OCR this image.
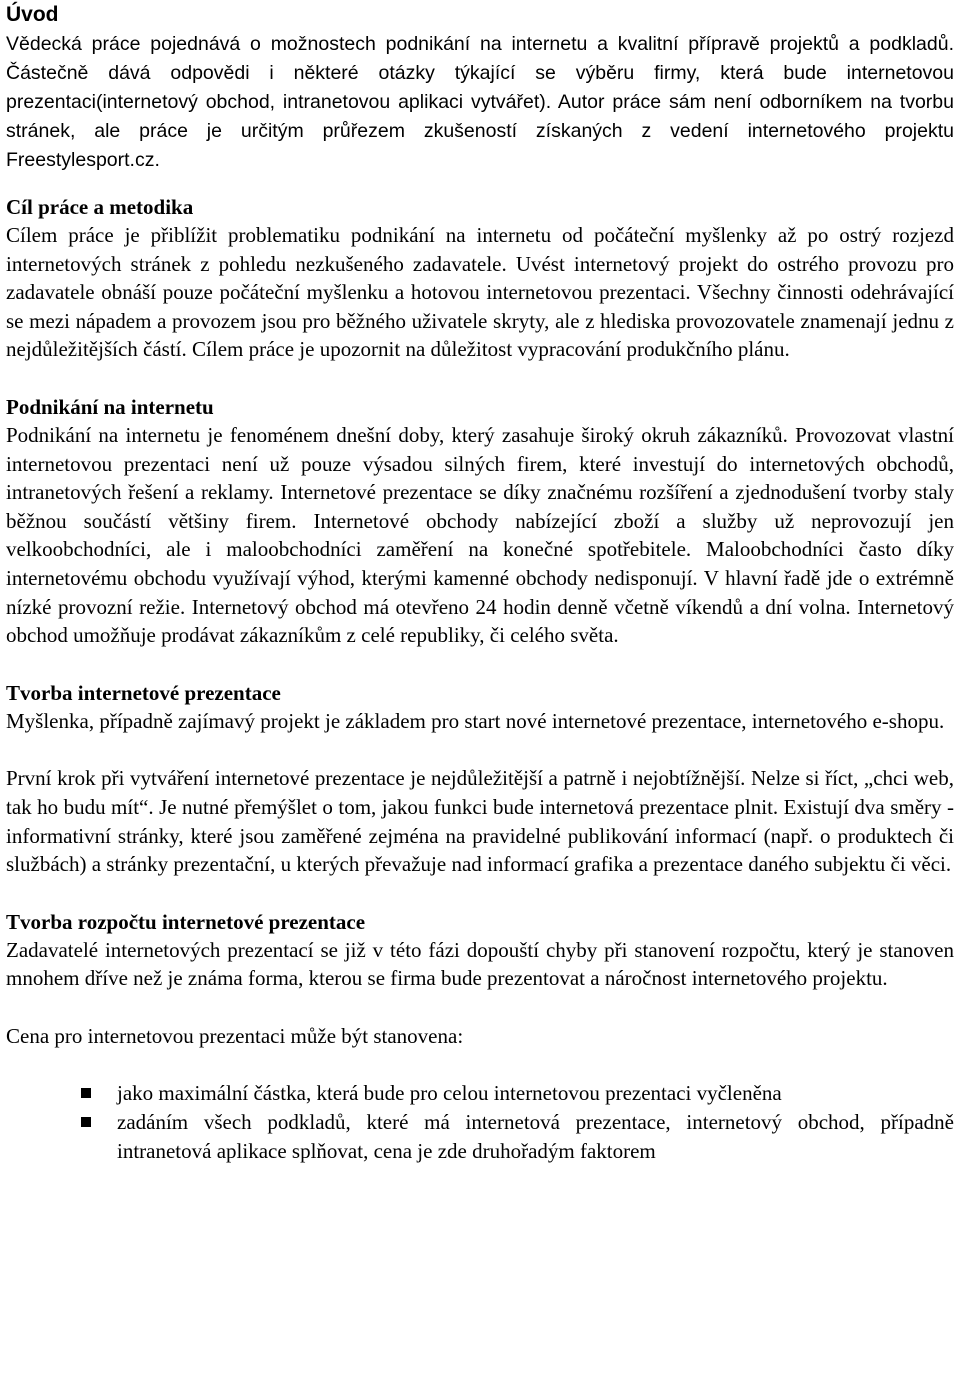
Úvod

Vědecká práce pojednává o možnostech podnikání na internetu a kvalitní přípravě projektů a podkladů. Částečně dává odpovědi i některé otázky týkající se výběru firmy, která bude internetovou prezentaci(internetový obchod, intranetovou aplikaci vytvářet). Autor práce sám není odborníkem na tvorbu stránek, ale práce je určitým průřezem zkušeností získaných z vedení internetového projektu Freestylesport.cz.

Cíl práce a metodika

Cílem práce je přiblížit problematiku podnikání na internetu od počáteční myšlenky až po ostrý rozjezd internetových stránek z pohledu nezkušeného zadavatele. Uvést internetový projekt do ostrého provozu pro zadavatele obnáší pouze počáteční myšlenku a hotovou internetovou prezentaci. Všechny činnosti odehrávající se mezi nápadem a provozem jsou pro běžného uživatele skryty, ale z hlediska provozovatele znamenají jednu z nejdůležitějších částí. Cílem práce je upozornit na důležitost vypracování produkčního plánu.

Podnikání na internetu

Podnikání na internetu je fenoménem dnešní doby, který zasahuje široký okruh zákazníků. Provozovat vlastní internetovou prezentaci není už pouze výsadou silných firem, které investují do internetových obchodů, intranetových řešení a reklamy. Internetové prezentace se díky značnému rozšíření a zjednodušení tvorby staly běžnou součástí většiny firem. Internetové obchody nabízející zboží a služby už neprovozují jen velkoobchodníci, ale i maloobchodníci zaměření na konečné spotřebitele. Maloobchodníci často díky internetovému obchodu využívají výhod, kterými kamenné obchody nedisponují. V hlavní řadě jde o extrémně nízké provozní režie. Internetový obchod má otevřeno 24 hodin denně včetně víkendů a dní volna. Internetový obchod umožňuje prodávat zákazníkům z celé republiky, či celého světa.

Tvorba internetové prezentace

Myšlenka, případně zajímavý projekt je základem pro start nové internetové prezentace, internetového e-shopu.

První krok při vytváření internetové prezentace je nejdůležitější a patrně i nejobtížnější. Nelze si říct, „chci web, tak ho budu mít“. Je nutné přemýšlet o tom, jakou funkci bude internetová prezentace plnit. Existují dva směry - informativní stránky, které jsou zaměřené zejména na pravidelné publikování informací (např. o produktech či službách) a stránky prezentační, u kterých převažuje nad informací grafika a prezentace daného subjektu či věci.

Tvorba rozpočtu internetové prezentace

Zadavatelé internetových prezentací se již v této fázi dopouští chyby při stanovení rozpočtu, který je stanoven mnohem dříve než je známa forma, kterou se firma bude prezentovat a náročnost internetového projektu.

Cena pro internetovou prezentaci může být stanovena:

jako maximální částka, která bude pro celou internetovou prezentaci vyčleněna
zadáním všech podkladů, které má internetová prezentace, internetový obchod, případně intranetová aplikace splňovat, cena je zde druhořadým faktorem
